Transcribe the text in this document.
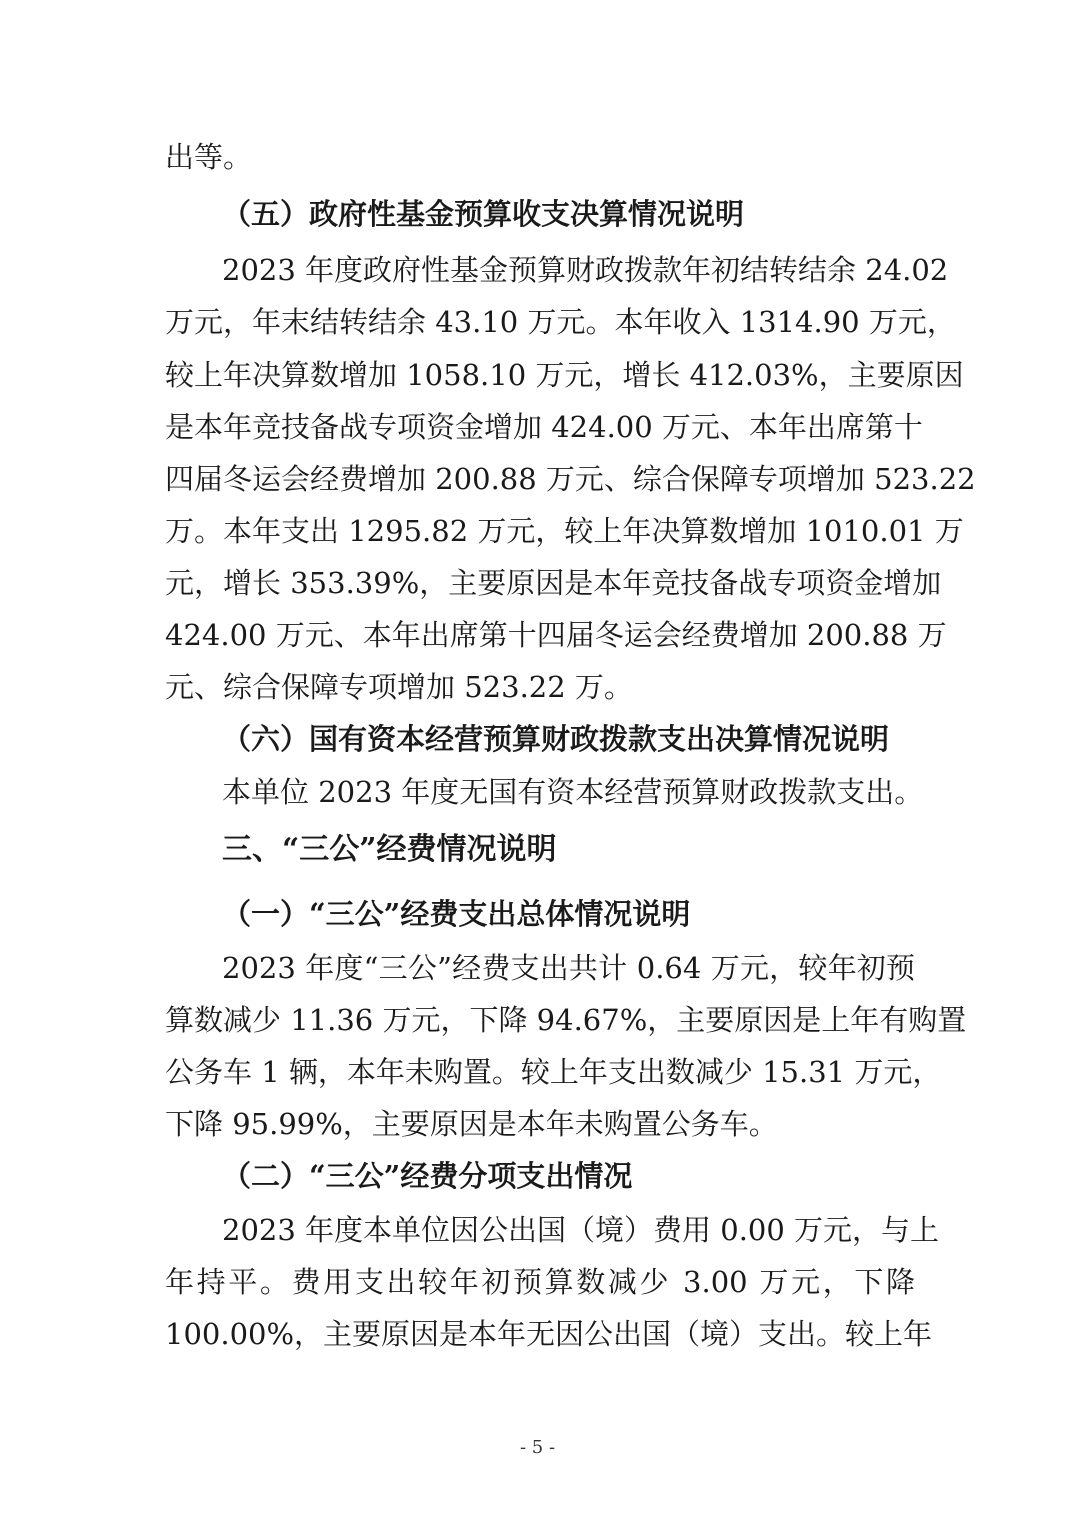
出等。
（五）政府性基金预算收支决算情况说明
2023 年度政府性基金预算财政拨款年初结转结余 24.02
万元，年末结转结余 43.10 万元。本年收入 1314.90 万元，
较上年决算数增加 1058.10 万元，增长 412.03%，主要原因
是本年竞技备战专项资金增加 424.00 万元、本年出席第十
四届冬运会经费增加 200.88 万元、综合保障专项增加 523.22
万。本年支出 1295.82 万元，较上年决算数增加 1010.01 万
元，增长 353.39%，主要原因是本年竞技备战专项资金增加
424.00 万元、本年出席第十四届冬运会经费增加 200.88 万
元、综合保障专项增加 523.22 万。
（六）国有资本经营预算财政拨款支出决算情况说明
本单位 2023 年度无国有资本经营预算财政拨款支出。
三、“三公”经费情况说明
（一）“三公”经费支出总体情况说明
2023 年度“三公”经费支出共计 0.64 万元，较年初预
算数减少 11.36 万元，下降 94.67%，主要原因是上年有购置
公务车 1 辆，本年未购置。较上年支出数减少 15.31 万元，
下降 95.99%，主要原因是本年未购置公务车。
（二）“三公”经费分项支出情况
2023 年度本单位因公出国（境）费用 0.00 万元，与上
年持平。费用支出较年初预算数减少 3.00 万元，下降
100.00%，主要原因是本年无因公出国（境）支出。较上年
- 5 -
